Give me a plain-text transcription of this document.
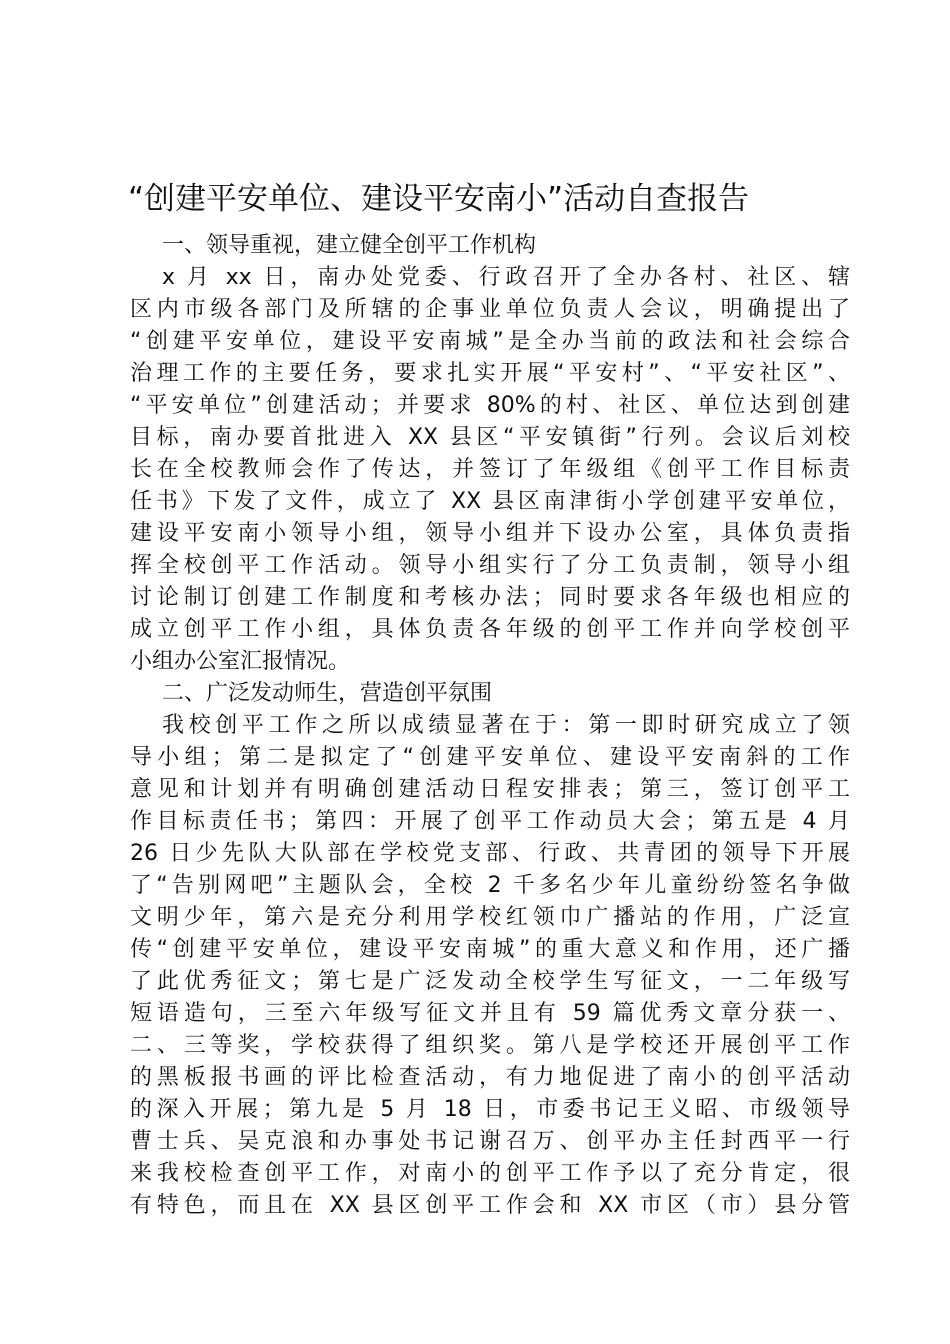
“创建平安单位、建设平安南小”活动自查报告
一、领导重视，建立健全创平工作机构
x 月 xx 日，南办处党委、行政召开了全办各村、社区、辖
区内市级各部门及所辖的企事业单位负责人会议，明确提出了
“创建平安单位，建设平安南城”是全办当前的政法和社会综合
治理工作的主要任务，要求扎实开展“平安村”、“平安社区”、
“平安单位”创建活动；并要求 80%的村、社区、单位达到创建
目标，南办要首批进入 XX 县区“平安镇街”行列。会议后刘校
长在全校教师会作了传达，并签订了年级组《创平工作目标责
任书》下发了文件，成立了 XX 县区南津街小学创建平安单位，
建设平安南小领导小组，领导小组并下设办公室，具体负责指
挥全校创平工作活动。领导小组实行了分工负责制，领导小组
讨论制订创建工作制度和考核办法；同时要求各年级也相应的
成立创平工作小组，具体负责各年级的创平工作并向学校创平
小组办公室汇报情况。
二、广泛发动师生，营造创平氛围
我校创平工作之所以成绩显著在于：第一即时研究成立了领
导小组；第二是拟定了“创建平安单位、建设平安南斜的工作
意见和计划并有明确创建活动日程安排表；第三，签订创平工
作目标责任书；第四：开展了创平工作动员大会；第五是 4 月
26 日少先队大队部在学校党支部、行政、共青团的领导下开展
了“告别网吧”主题队会，全校 2 千多名少年儿童纷纷签名争做
文明少年，第六是充分利用学校红领巾广播站的作用，广泛宣
传“创建平安单位，建设平安南城”的重大意义和作用，还广播
了此优秀征文；第七是广泛发动全校学生写征文，一二年级写
短语造句，三至六年级写征文并且有 59 篇优秀文章分获一、
二、三等奖，学校获得了组织奖。第八是学校还开展创平工作
的黑板报书画的评比检查活动，有力地促进了南小的创平活动
的深入开展；第九是 5 月 18 日，市委书记王义昭、市级领导
曹士兵、吴克浪和办事处书记谢召万、创平办主任封西平一行
来我校检查创平工作，对南小的创平工作予以了充分肯定，很
有特色，而且在 XX 县区创平工作会和 XX 市区（市）县分管
